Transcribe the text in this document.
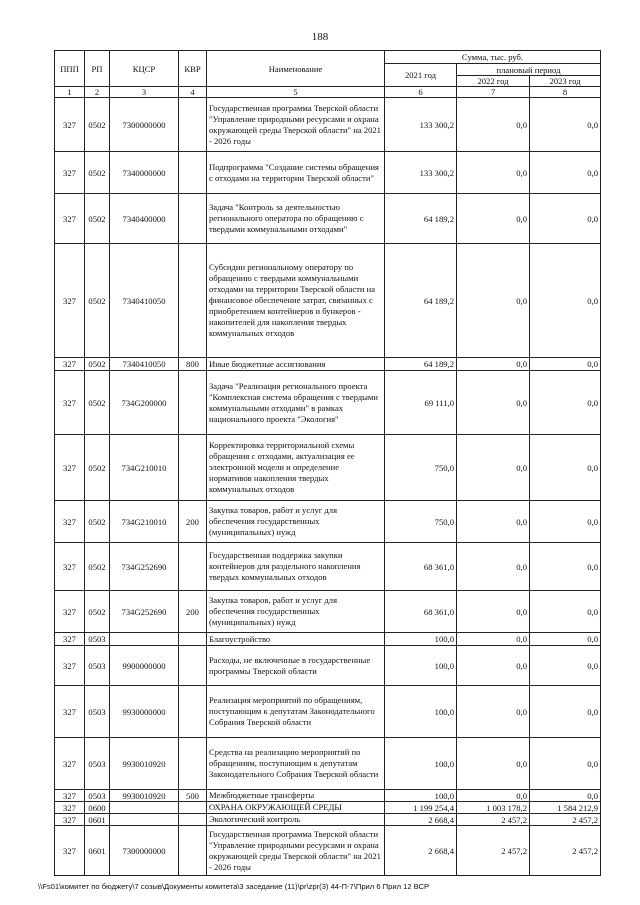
188
ППП	РП	КЦСР	КВР	Наименование	Сумма, тыс. руб.		
					2021 год	плановый период	
						2022 год	2023 год
1	2	3	4	5	6	7	8
327	0502	7300000000		Государственная программа Тверской области "Управление природными ресурсами и охрана окружающей среды Тверской области" на 2021 - 2026 годы	133 300,2	0,0	0,0
327	0502	7340000000		Подпрограмма "Создание системы обращения с отходами на территории Тверской области"	133 300,2	0,0	0,0
327	0502	7340400000		Задача "Контроль за деятельностью регионального оператора по обращению с твердыми коммунальными отходами"	64 189,2	0,0	0,0
327	0502	7340410050		Субсидии региональному оператору по обращению с твердыми коммунальными отходами на территории Тверской области на финансовое обеспечение затрат, связанных с приобретением контейнеров и бункеров - накопителей для накопления твердых коммунальных отходов	64 189,2	0,0	0,0
327	0502	7340410050	800	Иные бюджетные ассигнования	64 189,2	0,0	0,0
327	0502	734G200000		Задача "Реализация регионального проекта "Комплексная система обращения с твердыми коммунальными отходами" в рамках национального проекта "Экология"	69 111,0	0,0	0,0
327	0502	734G210010		Корректировка территориальной схемы обращения с отходами, актуализация ее электронной модели и определение нормативов накопления твердых коммунальных отходов	750,0	0,0	0,0
327	0502	734G210010	200	Закупка товаров, работ и услуг для обеспечения государственных (муниципальных) нужд	750,0	0,0	0,0
327	0502	734G252690		Государственная поддержка закупки контейнеров для раздельного накопления твердых коммунальных отходов	68 361,0	0,0	0,0
327	0502	734G252690	200	Закупка товаров, работ и услуг для обеспечения государственных (муниципальных) нужд	68 361,0	0,0	0,0
327	0503			Благоустройство	100,0	0,0	0,0
327	0503	9900000000		Расходы, не включенные в государственные программы Тверской области	100,0	0,0	0,0
327	0503	9930000000		Реализация мероприятий по обращениям, поступающим к депутатам Законодательного Собрания Тверской области	100,0	0,0	0,0
327	0503	9930010920		Средства на реализацию мероприятий по обращениям, поступающим к депутатам Законодательного Собрания Тверской области	100,0	0,0	0,0
327	0503	9930010920	500	Межбюджетные трансферты	100,0	0,0	0,0
327	0600			ОХРАНА ОКРУЖАЮЩЕЙ СРЕДЫ	1 199 254,4	1 003 178,2	1 584 212,9
327	0601			Экологический контроль	2 668,4	2 457,2	2 457,2
327	0601	7300000000		Государственная программа Тверской области "Управление природными ресурсами и охрана окружающей среды Тверской области" на 2021 - 2026 годы	2 668,4	2 457,2	2 457,2
\\Fs01\комитет по бюджету\7 созыв\Документы комитета\3 заседание (11)\pr\zpr(3) 44-П-7\Прил 6 Прил 12 ВСР
